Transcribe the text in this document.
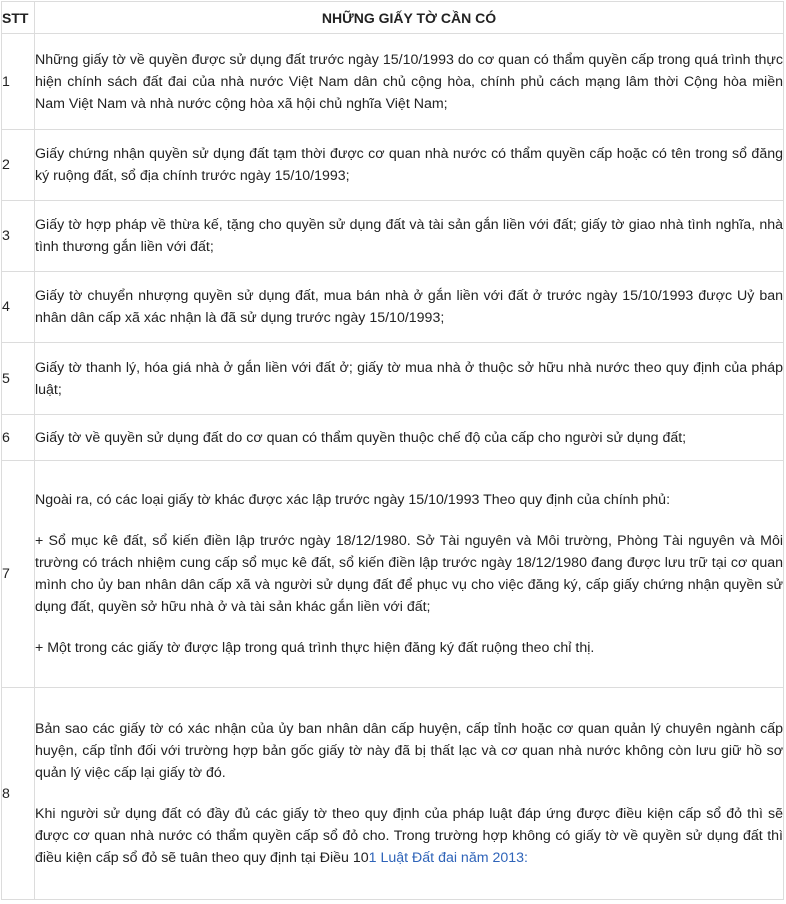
STT	NHỮNG GIẤY TỜ CẦN CÓ
1	Những giấy tờ về quyền được sử dụng đất trước ngày 15/10/1993 do cơ quan có thẩm quyền cấp trong quá trình thực hiện chính sách đất đai của nhà nước Việt Nam dân chủ cộng hòa, chính phủ cách mạng lâm thời Cộng hòa miền Nam Việt Nam và nhà nước cộng hòa xã hội chủ nghĩa Việt Nam;

2	Giấy chứng nhận quyền sử dụng đất tạm thời được cơ quan nhà nước có thẩm quyền cấp hoặc có tên trong sổ đăng ký ruộng đất, sổ địa chính trước ngày 15/10/1993;

3	Giấy tờ hợp pháp về thừa kế, tặng cho quyền sử dụng đất và tài sản gắn liền với đất; giấy tờ giao nhà tình nghĩa, nhà tình thương gắn liền với đất;

4	Giấy tờ chuyển nhượng quyền sử dụng đất, mua bán nhà ở gắn liền với đất ở trước ngày 15/10/1993 được Uỷ ban nhân dân cấp xã xác nhận là đã sử dụng trước ngày 15/10/1993;

5	Giấy tờ thanh lý, hóa giá nhà ở gắn liền với đất ở; giấy tờ mua nhà ở thuộc sở hữu nhà nước theo quy định của pháp luật;

6	Giấy tờ về quyền sử dụng đất do cơ quan có thẩm quyền thuộc chế độ của cấp cho người sử dụng đất;

7	Ngoài ra, có các loại giấy tờ khác được xác lập trước ngày 15/10/1993 Theo quy định của chính phủ:

+ Sổ mục kê đất, sổ kiến điền lập trước ngày 18/12/1980. Sở Tài nguyên và Môi trường, Phòng Tài nguyên và Môi trường có trách nhiệm cung cấp sổ mục kê đất, sổ kiến điền lập trước ngày 18/12/1980 đang được lưu trữ tại cơ quan mình cho ủy ban nhân dân cấp xã và người sử dụng đất để phục vụ cho việc đăng ký, cấp giấy chứng nhận quyền sử dụng đất, quyền sở hữu nhà ở và tài sản khác gắn liền với đất;

+ Một trong các giấy tờ được lập trong quá trình thực hiện đăng ký đất ruộng theo chỉ thị.

8	Bản sao các giấy tờ có xác nhận của ủy ban nhân dân cấp huyện, cấp tỉnh hoặc cơ quan quản lý chuyên ngành cấp huyện, cấp tỉnh đối với trường hợp bản gốc giấy tờ này đã bị thất lạc và cơ quan nhà nước không còn lưu giữ hồ sơ quản lý việc cấp lại giấy tờ đó.

Khi người sử dụng đất có đầy đủ các giấy tờ theo quy định của pháp luật đáp ứng được điều kiện cấp sổ đỏ thì sẽ được cơ quan nhà nước có thẩm quyền cấp sổ đỏ cho. Trong trường hợp không có giấy tờ về quyền sử dụng đất thì điều kiện cấp sổ đỏ sẽ tuân theo quy định tại Điều 101 Luật Đất đai năm 2013:
